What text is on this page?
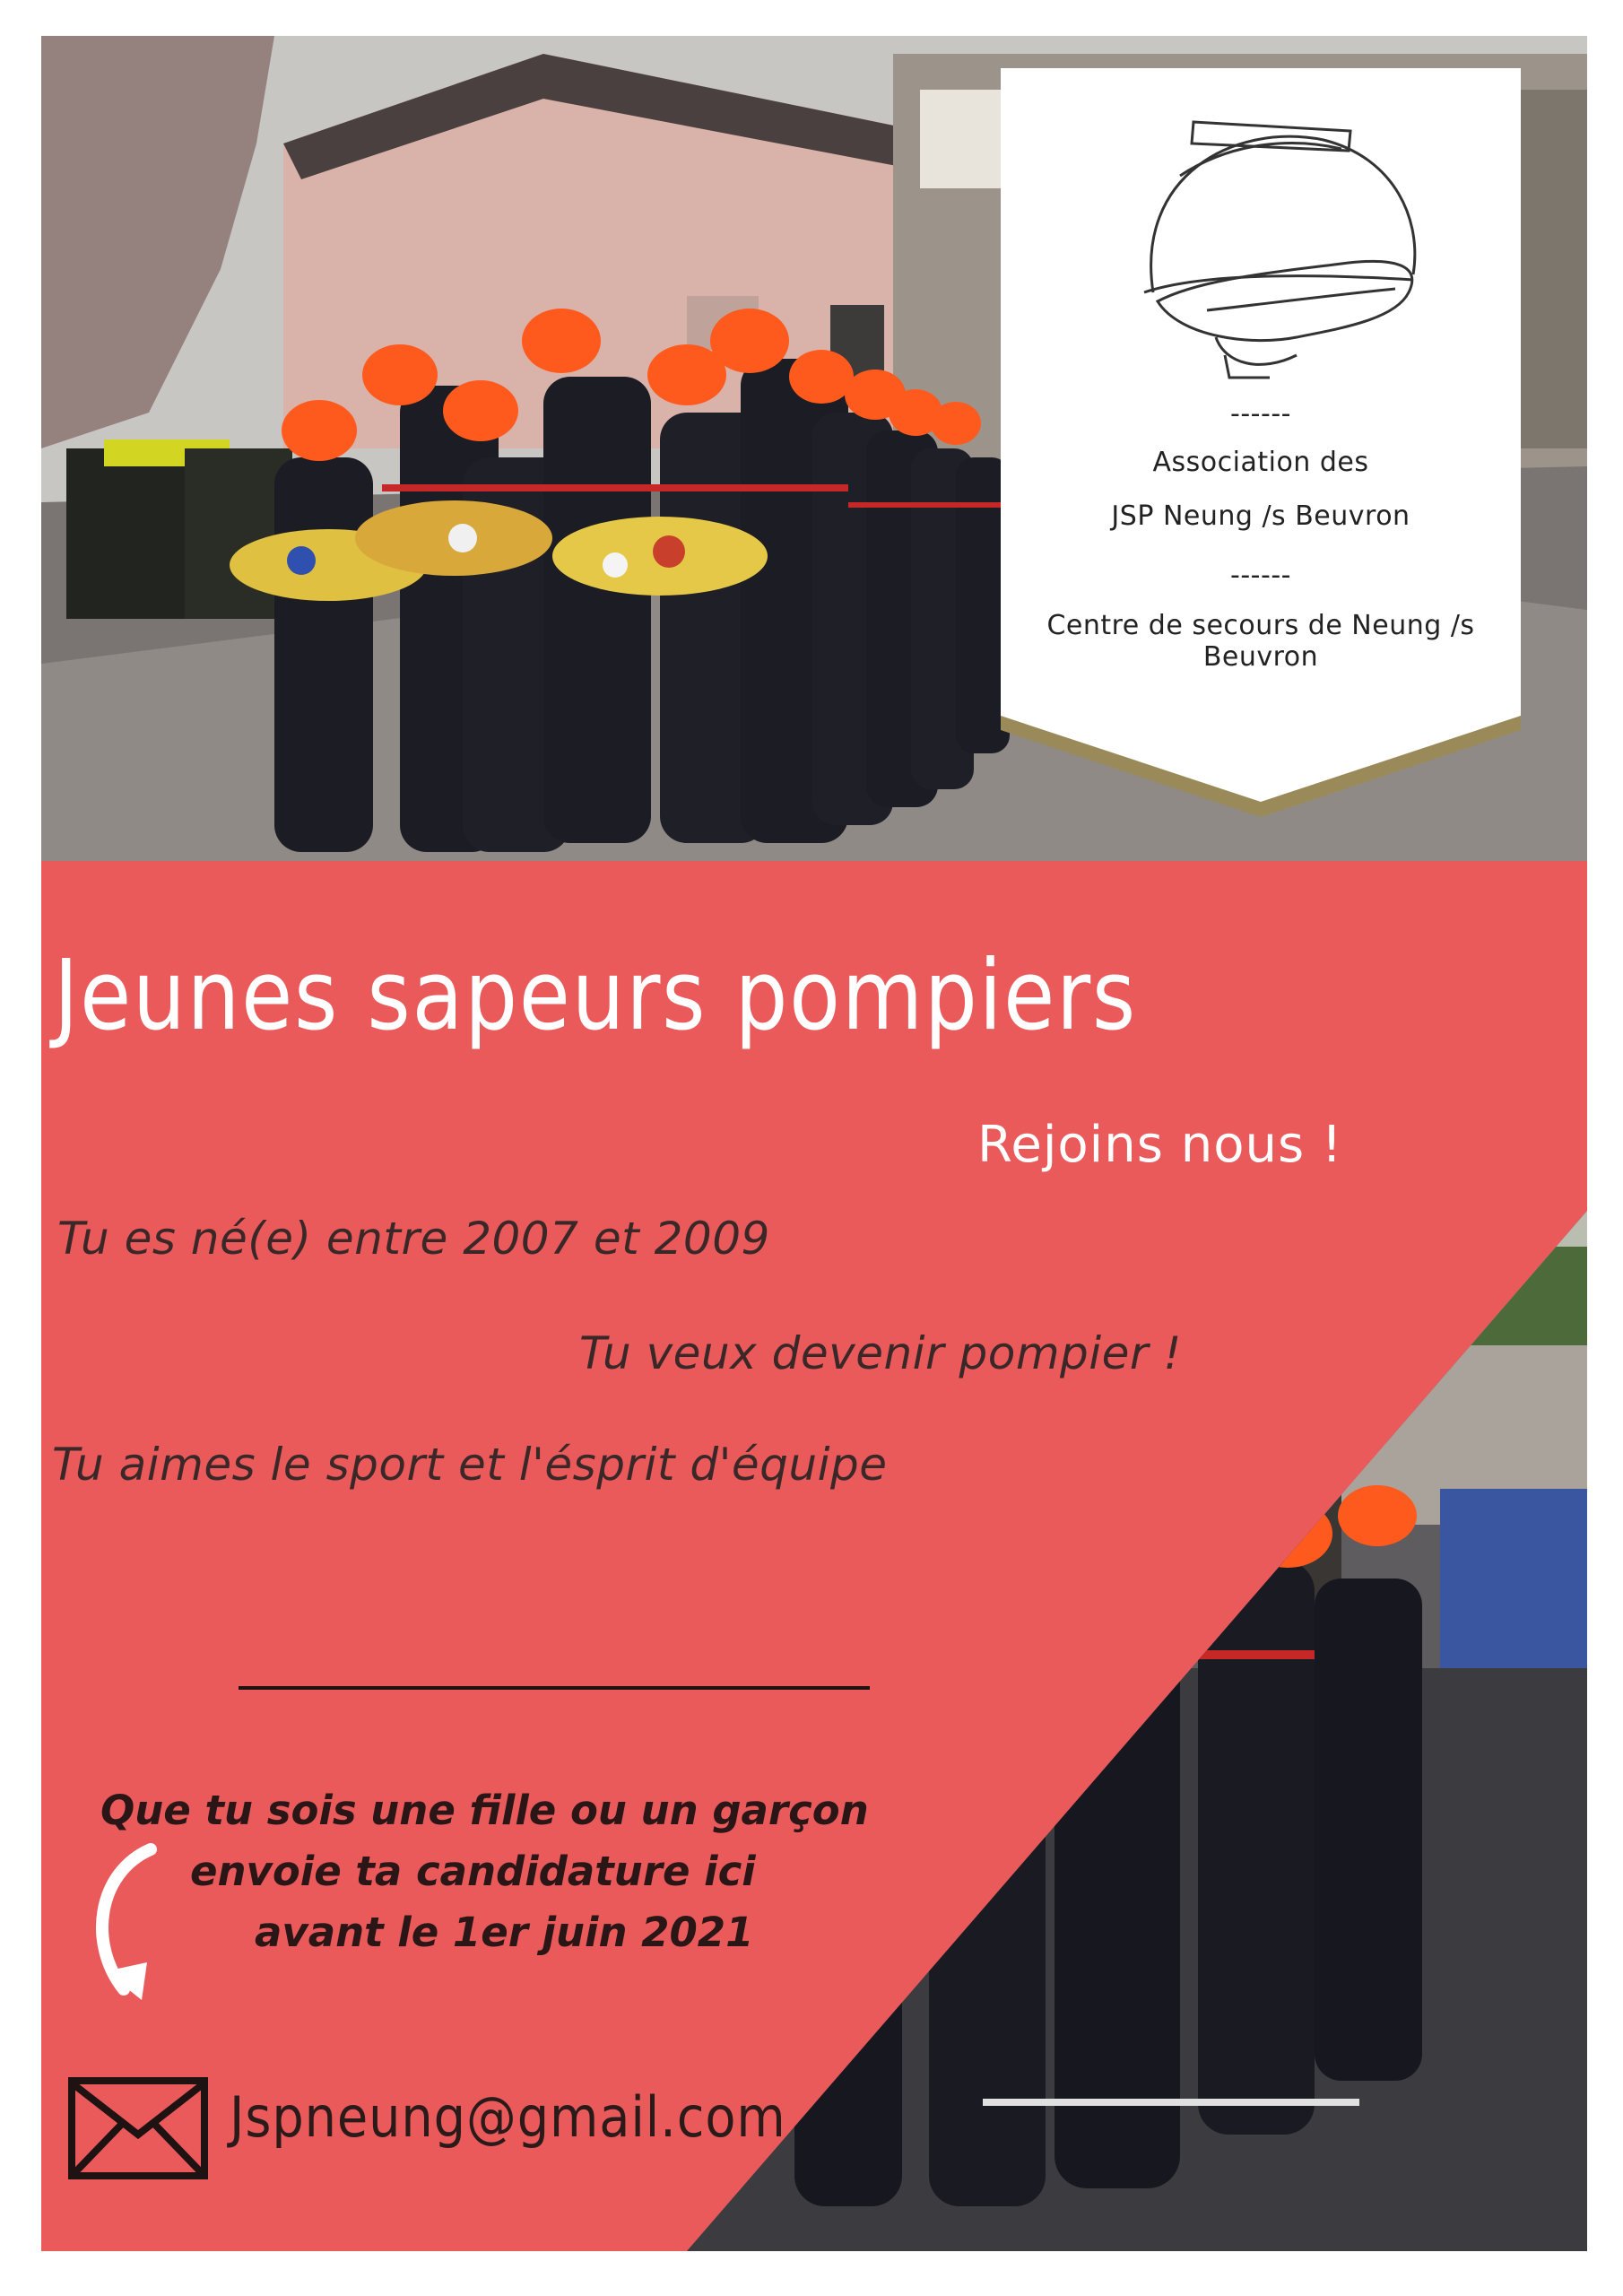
------
Association des
JSP Neung /s Beuvron
------
Centre de secours de Neung /s Beuvron
Jeunes sapeurs pompiers
Rejoins nous !
Tu es né(e) entre 2007 et 2009
Tu veux devenir pompier !
Tu aimes le sport et l'ésprit d'équipe
Que tu sois une fille ou un garçon
envoie ta candidature ici
avant le 1er juin 2021
Jspneung@gmail.com
